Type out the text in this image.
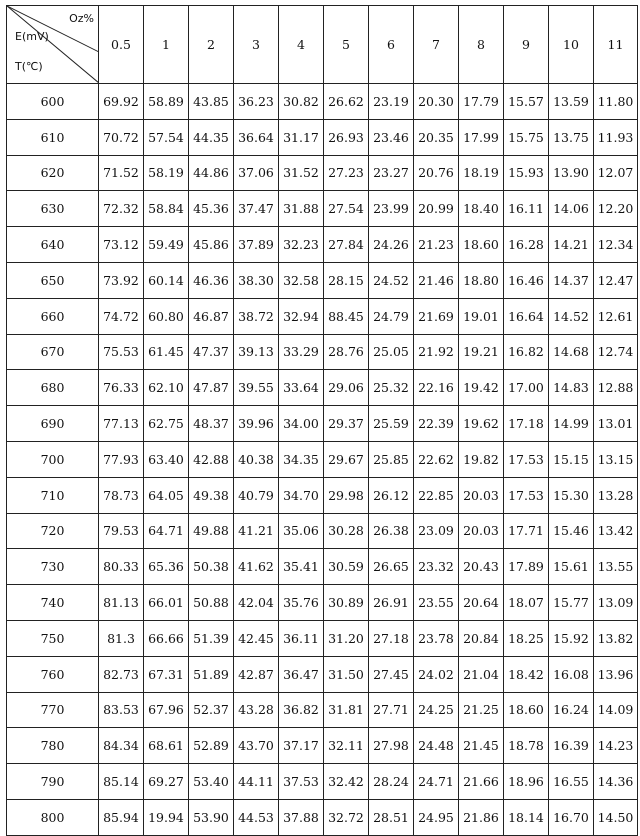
Oz%
E(mV)
T(℃)	0.5	1	2	3	4	5	6	7	8	9	10	11
600	69.92	58.89	43.85	36.23	30.82	26.62	23.19	20.30	17.79	15.57	13.59	11.80
610	70.72	57.54	44.35	36.64	31.17	26.93	23.46	20.35	17.99	15.75	13.75	11.93
620	71.52	58.19	44.86	37.06	31.52	27.23	23.27	20.76	18.19	15.93	13.90	12.07
630	72.32	58.84	45.36	37.47	31.88	27.54	23.99	20.99	18.40	16.11	14.06	12.20
640	73.12	59.49	45.86	37.89	32.23	27.84	24.26	21.23	18.60	16.28	14.21	12.34
650	73.92	60.14	46.36	38.30	32.58	28.15	24.52	21.46	18.80	16.46	14.37	12.47
660	74.72	60.80	46.87	38.72	32.94	88.45	24.79	21.69	19.01	16.64	14.52	12.61
670	75.53	61.45	47.37	39.13	33.29	28.76	25.05	21.92	19.21	16.82	14.68	12.74
680	76.33	62.10	47.87	39.55	33.64	29.06	25.32	22.16	19.42	17.00	14.83	12.88
690	77.13	62.75	48.37	39.96	34.00	29.37	25.59	22.39	19.62	17.18	14.99	13.01
700	77.93	63.40	42.88	40.38	34.35	29.67	25.85	22.62	19.82	17.53	15.15	13.15
710	78.73	64.05	49.38	40.79	34.70	29.98	26.12	22.85	20.03	17.53	15.30	13.28
720	79.53	64.71	49.88	41.21	35.06	30.28	26.38	23.09	20.03	17.71	15.46	13.42
730	80.33	65.36	50.38	41.62	35.41	30.59	26.65	23.32	20.43	17.89	15.61	13.55
740	81.13	66.01	50.88	42.04	35.76	30.89	26.91	23.55	20.64	18.07	15.77	13.09
750	81.3	66.66	51.39	42.45	36.11	31.20	27.18	23.78	20.84	18.25	15.92	13.82
760	82.73	67.31	51.89	42.87	36.47	31.50	27.45	24.02	21.04	18.42	16.08	13.96
770	83.53	67.96	52.37	43.28	36.82	31.81	27.71	24.25	21.25	18.60	16.24	14.09
780	84.34	68.61	52.89	43.70	37.17	32.11	27.98	24.48	21.45	18.78	16.39	14.23
790	85.14	69.27	53.40	44.11	37.53	32.42	28.24	24.71	21.66	18.96	16.55	14.36
800	85.94	19.94	53.90	44.53	37.88	32.72	28.51	24.95	21.86	18.14	16.70	14.50
